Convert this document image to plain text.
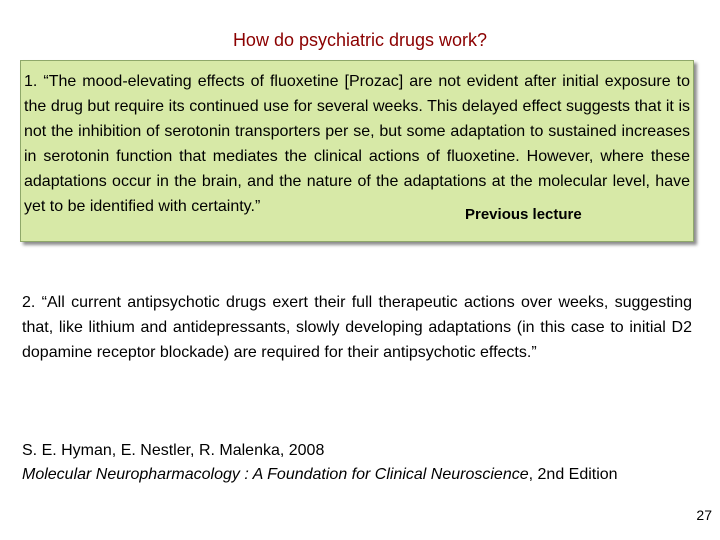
How do psychiatric drugs work?

1. “The mood-elevating effects of fluoxetine [Prozac] are not evident after initial exposure to the drug but require its continued use for several weeks. This delayed effect suggests that it is not the inhibition of serotonin transporters per se, but some adaptation to sustained increases in serotonin function that mediates the clinical actions of fluoxetine. However, where these adaptations occur in the brain, and the nature of the adaptations at the molecular level, have yet to be identified with certainty.”	Previous lecture

2. “All current antipsychotic drugs exert their full therapeutic actions over weeks, suggesting that, like lithium and antidepressants, slowly developing adaptations (in this case to initial D2 dopamine receptor blockade) are required for their antipsychotic effects.”

S. E. Hyman, E. Nestler, R. Malenka, 2008
Molecular Neuropharmacology : A Foundation for Clinical Neuroscience, 2nd Edition
27
